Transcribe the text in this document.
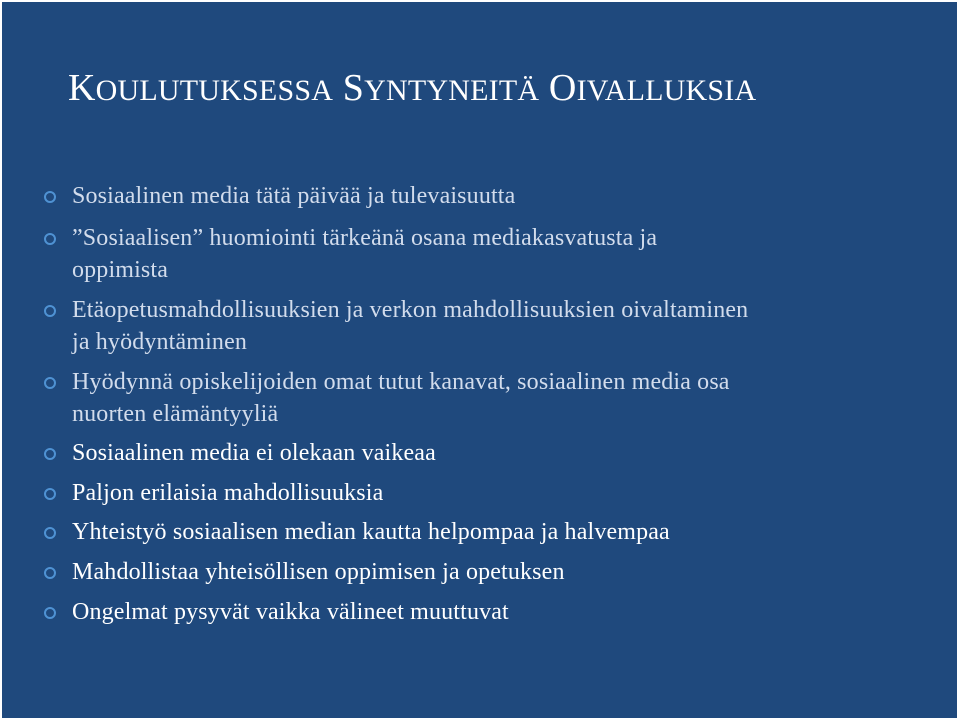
KOULUTUKSESSA SYNTYNEITÄ OIVALLUKSIA

Sosiaalinen media tätä päivää ja tulevaisuutta

”Sosiaalisen” huomiointi tärkeänä osana mediakasvatusta ja
oppimista

Etäopetusmahdollisuuksien ja verkon mahdollisuuksien oivaltaminen
ja hyödyntäminen

Hyödynnä opiskelijoiden omat tutut kanavat, sosiaalinen media osa
nuorten elämäntyyliä

Sosiaalinen media ei olekaan vaikeaa

Paljon erilaisia mahdollisuuksia

Yhteistyö sosiaalisen median kautta helpompaa ja halvempaa

Mahdollistaa yhteisöllisen oppimisen ja opetuksen

Ongelmat pysyvät vaikka välineet muuttuvat
